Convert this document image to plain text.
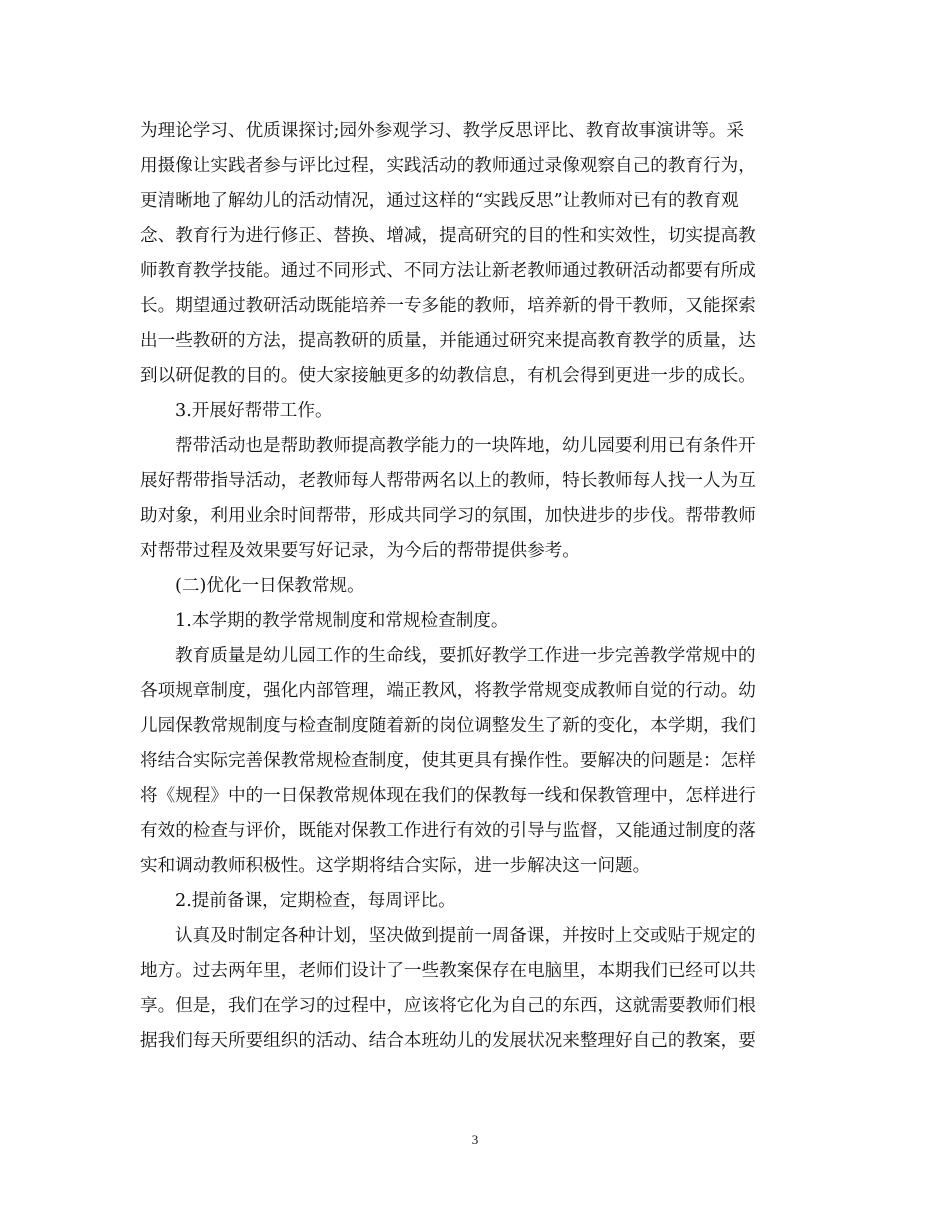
为理论学习、优质课探讨;园外参观学习、教学反思评比、教育故事演讲等。采
用摄像让实践者参与评比过程，实践活动的教师通过录像观察自己的教育行为，
更清晰地了解幼儿的活动情况，通过这样的“实践反思”让教师对已有的教育观
念、教育行为进行修正、替换、增减，提高研究的目的性和实效性，切实提高教
师教育教学技能。通过不同形式、不同方法让新老教师通过教研活动都要有所成
长。期望通过教研活动既能培养一专多能的教师，培养新的骨干教师，又能探索
出一些教研的方法，提高教研的质量，并能通过研究来提高教育教学的质量，达
到以研促教的目的。使大家接触更多的幼教信息，有机会得到更进一步的成长。
3.开展好帮带工作。
帮带活动也是帮助教师提高教学能力的一块阵地，幼儿园要利用已有条件开
展好帮带指导活动，老教师每人帮带两名以上的教师，特长教师每人找一人为互
助对象，利用业余时间帮带，形成共同学习的氛围，加快进步的步伐。帮带教师
对帮带过程及效果要写好记录，为今后的帮带提供参考。
(二)优化一日保教常规。
1.本学期的教学常规制度和常规检查制度。
教育质量是幼儿园工作的生命线，要抓好教学工作进一步完善教学常规中的
各项规章制度，强化内部管理，端正教风，将教学常规变成教师自觉的行动。幼
儿园保教常规制度与检查制度随着新的岗位调整发生了新的变化，本学期，我们
将结合实际完善保教常规检查制度，使其更具有操作性。要解决的问题是：怎样
将《规程》中的一日保教常规体现在我们的保教每一线和保教管理中，怎样进行
有效的检查与评价，既能对保教工作进行有效的引导与监督，又能通过制度的落
实和调动教师积极性。这学期将结合实际，进一步解决这一问题。
2.提前备课，定期检查，每周评比。
认真及时制定各种计划，坚决做到提前一周备课，并按时上交或贴于规定的
地方。过去两年里，老师们设计了一些教案保存在电脑里，本期我们已经可以共
享。但是，我们在学习的过程中，应该将它化为自己的东西，这就需要教师们根
据我们每天所要组织的活动、结合本班幼儿的发展状况来整理好自己的教案，要
3
